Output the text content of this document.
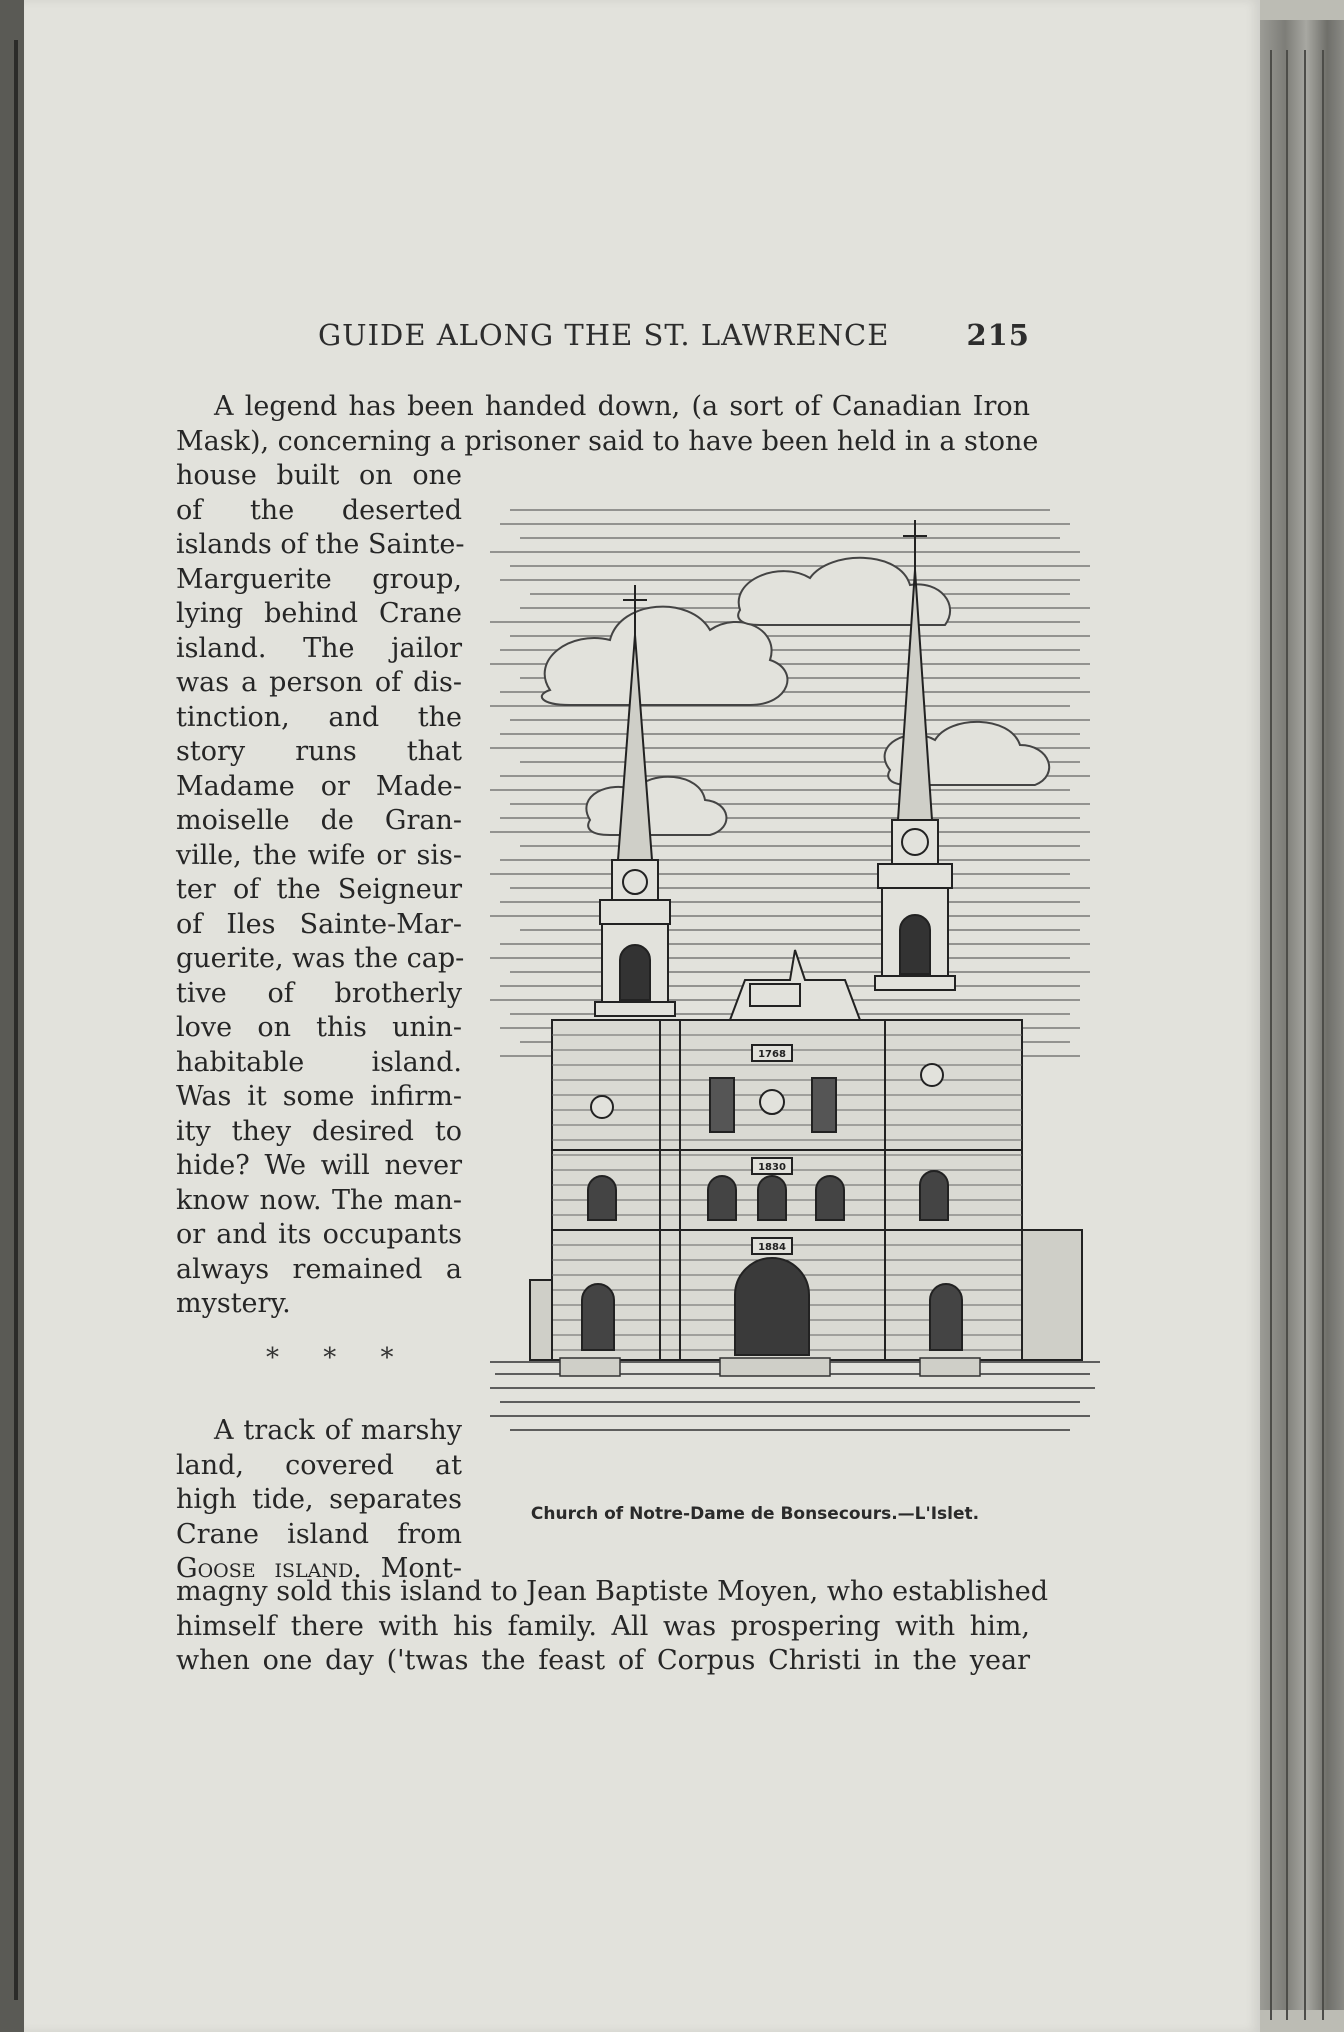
GUIDE ALONG THE ST. LAWRENCE	215
A legend has been handed down, (a sort of Canadian Iron
Mask), concerning a prisoner said to have been held in a stone
house built on one
of the deserted
islands of the Sainte-
Marguerite group,
lying behind Crane
island. The jailor
was a person of dis-
tinction, and the
story runs that
Madame or Made-
moiselle de Gran-
ville, the wife or sis-
ter of the Seigneur
of Iles Sainte-Mar-
guerite, was the cap-
tive of brotherly
love on this unin-
habitable island.
Was it some infirm-
ity they desired to
hide? We will never
know now. The man-
or and its occupants
always remained a
mystery.
* * *
A track of marshy
land, covered at
high tide, separates
Crane island from
Goose island. Mont-
magny sold this island to Jean Baptiste Moyen, who established
himself there with his family. All was prospering with him,
when one day ('twas the feast of Corpus Christi in the year
1768
1830
1884
Church of Notre-Dame de Bonsecours.—L'Islet.
